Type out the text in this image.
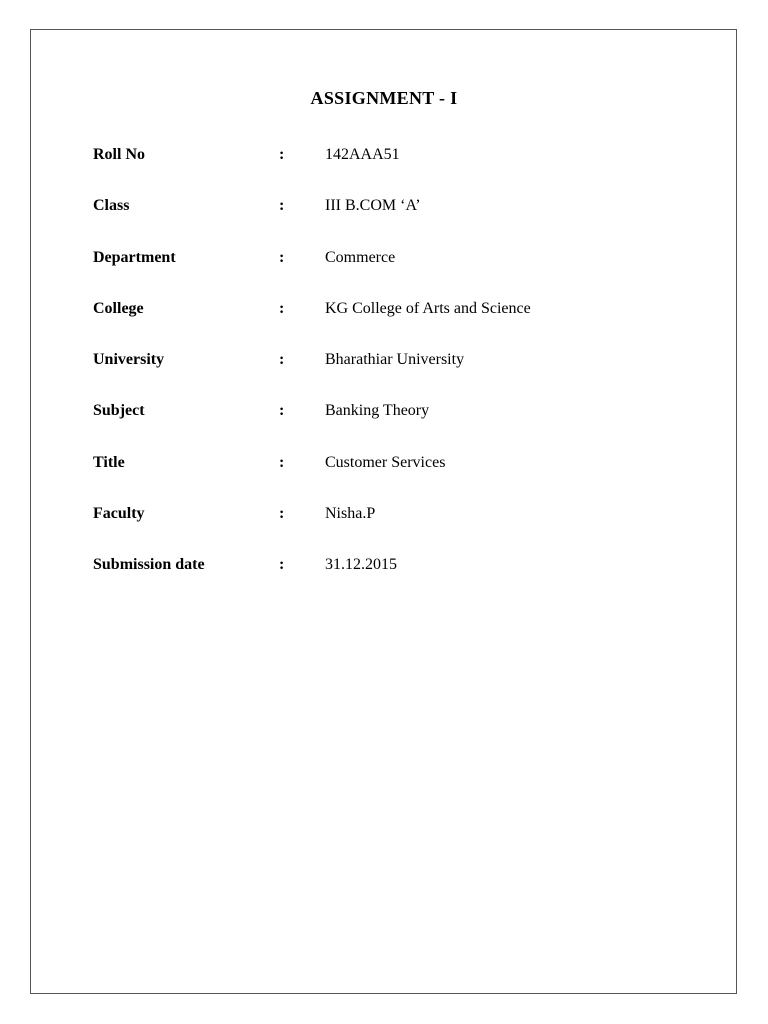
ASSIGNMENT - I
Roll No	:	142AAA51
Class	:	III B.COM ‘A’
Department	:	Commerce
College	:	KG College of Arts and Science
University	:	Bharathiar University
Subject	:	Banking Theory
Title	:	Customer Services
Faculty	:	Nisha.P
Submission date	:	31.12.2015
